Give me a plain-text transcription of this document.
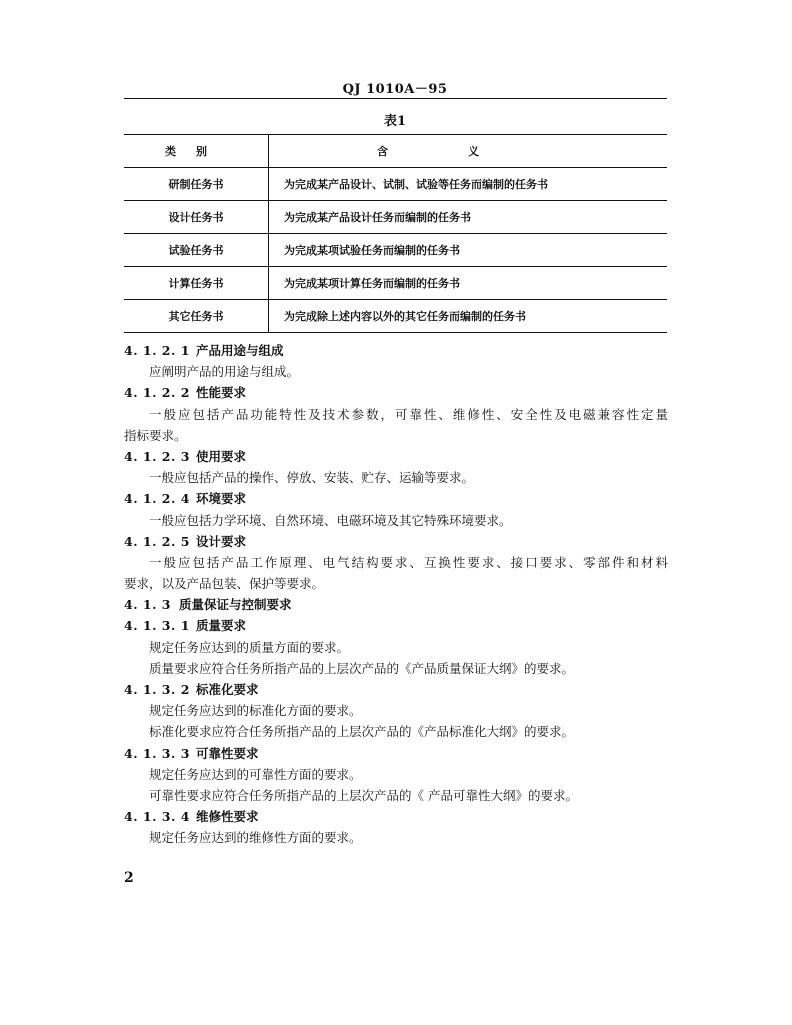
QJ 1010A－95
表1
类别	含义
研制任务书	为完成某产品设计、试制、试验等任务而编制的任务书
设计任务书	为完成某产品设计任务而编制的任务书
试验任务书	为完成某项试验任务而编制的任务书
计算任务书	为完成某项计算任务而编制的任务书
其它任务书	为完成除上述内容以外的其它任务而编制的任务书
4. 1. 2. 1 产品用途与组成
应阐明产品的用途与组成。
4. 1. 2. 2 性能要求
一般应包括产品功能特性及技术参数，可靠性、维修性、安全性及电磁兼容性定量
指标要求。
4. 1. 2. 3 使用要求
一般应包括产品的操作、停放、安装、贮存、运输等要求。
4. 1. 2. 4 环境要求
一般应包括力学环境、自然环境、电磁环境及其它特殊环境要求。
4. 1. 2. 5 设计要求
一般应包括产品工作原理、电气结构要求、互换性要求、接口要求、零部件和材料
要求，以及产品包装、保护等要求。
4. 1. 3 质量保证与控制要求
4. 1. 3. 1 质量要求
规定任务应达到的质量方面的要求。
质量要求应符合任务所指产品的上层次产品的《产品质量保证大纲》的要求。
4. 1. 3. 2 标准化要求
规定任务应达到的标准化方面的要求。
标准化要求应符合任务所指产品的上层次产品的《产品标准化大纲》的要求。
4. 1. 3. 3 可靠性要求
规定任务应达到的可靠性方面的要求。
可靠性要求应符合任务所指产品的上层次产品的《 产品可靠性大纲》的要求。
4. 1. 3. 4 维修性要求
规定任务应达到的维修性方面的要求。
2
